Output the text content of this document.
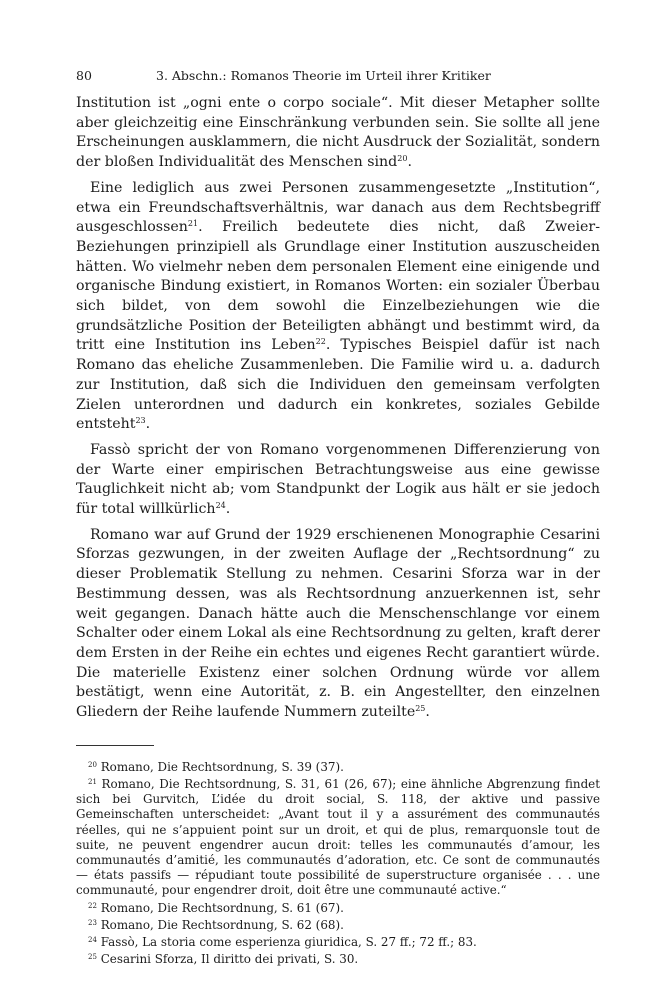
80	3. Abschn.: Romanos Theorie im Urteil ihrer Kritiker

Institution ist „ogni ente o corpo sociale“. Mit dieser Metapher sollte aber gleichzeitig eine Einschränkung verbunden sein. Sie sollte all jene Erscheinungen ausklammern, die nicht Ausdruck der Sozialität, sondern der bloßen Individualität des Menschen sind$^{20}$.

Eine lediglich aus zwei Personen zusammengesetzte „Institution“, etwa ein Freundschaftsverhältnis, war danach aus dem Rechtsbegriff ausgeschlossen$^{21}$. Freilich bedeutete dies nicht, daß Zweier-Beziehungen prinzipiell als Grundlage einer Institution auszuscheiden hätten. Wo vielmehr neben dem personalen Element eine einigende und organische Bindung existiert, in Romanos Worten: ein sozialer Überbau sich bildet, von dem sowohl die Einzelbeziehungen wie die grundsätzliche Position der Beteiligten abhängt und bestimmt wird, da tritt eine Institution ins Leben$^{22}$. Typisches Beispiel dafür ist nach Romano das eheliche Zusammenleben. Die Familie wird u. a. dadurch zur Institution, daß sich die Individuen den gemeinsam verfolgten Zielen unterordnen und dadurch ein konkretes, soziales Gebilde entsteht$^{23}$.

Fassò spricht der von Romano vorgenommenen Differenzierung von der Warte einer empirischen Betrachtungsweise aus eine gewisse Tauglichkeit nicht ab; vom Standpunkt der Logik aus hält er sie jedoch für total willkürlich$^{24}$.

Romano war auf Grund der 1929 erschienenen Monographie Cesarini Sforzas gezwungen, in der zweiten Auflage der „Rechtsordnung“ zu dieser Problematik Stellung zu nehmen. Cesarini Sforza war in der Bestimmung dessen, was als Rechtsordnung anzuerkennen ist, sehr weit gegangen. Danach hätte auch die Menschenschlange vor einem Schalter oder einem Lokal als eine Rechtsordnung zu gelten, kraft derer dem Ersten in der Reihe ein echtes und eigenes Recht garantiert würde. Die materielle Existenz einer solchen Ordnung würde vor allem bestätigt, wenn eine Autorität, z. B. ein Angestellter, den einzelnen Gliedern der Reihe laufende Nummern zuteilte$^{25}$.

$^{20}$ Romano, Die Rechtsordnung, S. 39 (37).

$^{21}$ Romano, Die Rechtsordnung, S. 31, 61 (26, 67); eine ähnliche Abgrenzung findet sich bei Gurvitch, L’idée du droit social, S. 118, der aktive und passive Gemeinschaften unterscheidet: „Avant tout il y a assurément des communautés réelles, qui ne s’appuient point sur un droit, et qui de plus, remarquonsle tout de suite, ne peuvent engendrer aucun droit: telles les communautés d’amour, les communautés d’amitié, les communautés d’adoration, etc. Ce sont de communautés — états passifs — répudiant toute possibilité de superstructure organisée . . . une communauté, pour engendrer droit, doit être une communauté active.“

$^{22}$ Romano, Die Rechtsordnung, S. 61 (67).

$^{23}$ Romano, Die Rechtsordnung, S. 62 (68).

$^{24}$ Fassò, La storia come esperienza giuridica, S. 27 ff.; 72 ff.; 83.

$^{25}$ Cesarini Sforza, Il diritto dei privati, S. 30.
